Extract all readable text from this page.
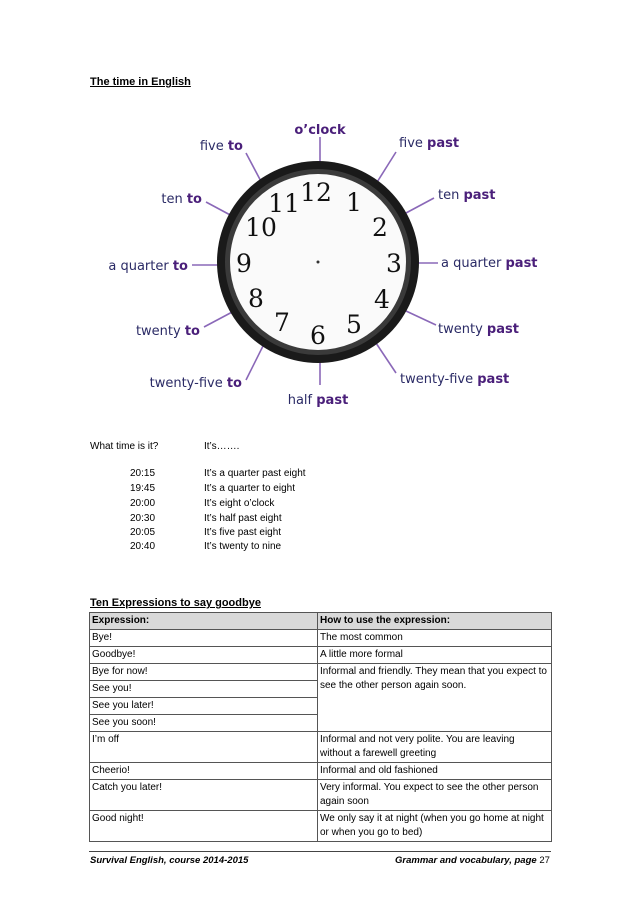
The time in English
12 1
2
3
4
5
6
7
8
9
10
11
o’clock
five past
ten past
a quarter past
twenty past
twenty-five past
half past
twenty-five to
twenty to
a quarter to
ten to
five to
What time is it?	It’s…….
20:15	It’s a quarter past eight
19:45	It’s a quarter to eight
20:00	It’s eight o’clock
20:30	It’s half past eight
20:05	It’s five past eight
20:40	It’s twenty to nine
Ten Expressions to say goodbye
Expression:	How to use the expression:
Bye!	The most common
Goodbye!	A little more formal
Bye for now!	Informal and friendly. They mean that you expect to see the other person again soon.
See you!	
See you later!	
See you soon!	
I’m off	Informal and not very polite. You are leaving without a farewell greeting
Cheerio!	Informal and old fashioned
Catch you later!	Very informal. You expect to see the other person again soon
Good night!	We only say it at night (when you go home at night or when you go to bed)
Survival English, course 2014-2015	Grammar and vocabulary, page 27
